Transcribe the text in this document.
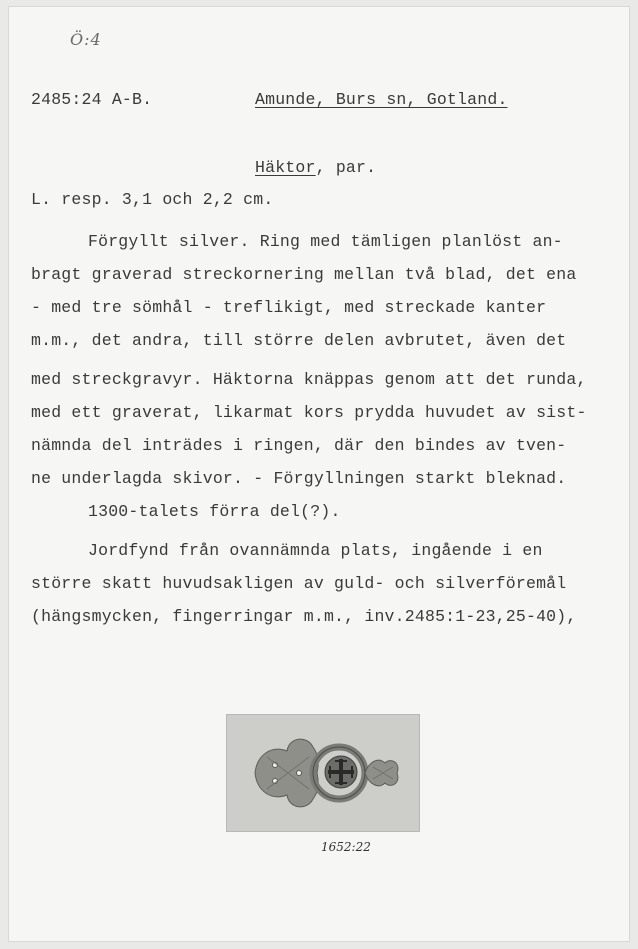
Ö:4
2485:24 A-B.	Amunde, Burs sn, Gotland.
Häktor, par.
L. resp. 3,1 och 2,2 cm.
Förgyllt silver. Ring med tämligen planlöst an-
bragt graverad streckornering mellan två blad, det ena
- med tre sömhål - treflikigt, med streckade kanter
m.m., det andra, till större delen avbrutet, även det
med streckgravyr. Häktorna knäppas genom att det runda,
med ett graverat, likarmat kors prydda huvudet av sist-
nämnda del inträdes i ringen, där den bindes av tven-
ne underlagda skivor. - Förgyllningen starkt bleknad.
1300-talets förra del(?).
Jordfynd från ovannämnda plats, ingående i en
större skatt huvudsakligen av guld- och silverföremål
(hängsmycken, fingerringar m.m., inv.2485:1-23,25-40),
1652:22
